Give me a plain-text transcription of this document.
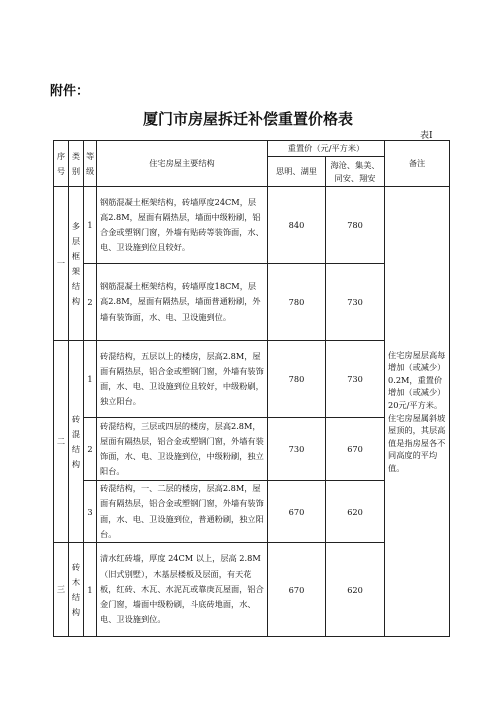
附件：
厦门市房屋拆迁补偿重置价格表
表Ⅰ
序号	类别	等级	住宅房屋主要结构	重置价（元/平方米）		备注
				思明、湖里	海沧、集美、同安、翔安	
一	多层框架结构	1	钢筋混凝土框架结构，砖墙厚度24CM，层高2.8M，屋面有隔热层，墙面中级粉刷，铝合金或塑钢门窗，外墙有贴砖等装饰面，水、电、卫设施到位且较好。	840	780	住宅房屋层高每增加（或减少）0.2M，重置价增加（或减少）20元/平方米。住宅房屋属斜坡屋顶的，其层高值是指房屋各不同高度的平均值。
		2	钢筋混凝土框架结构，砖墙厚度18CM，层高2.8M，屋面有隔热层，墙面普通粉刷，外墙有装饰面，水、电、卫设施到位。	780	730	
二	砖混结构	1	砖混结构，五层以上的楼房，层高2.8M，屋面有隔热层，铝合金或塑钢门窗，外墙有装饰面，水、电、卫设施到位且较好，中级粉刷，独立阳台。	780	730	
		2	砖混结构，三层或四层的楼房，层高2.8M，屋面有隔热层，铝合金或塑钢门窗，外墙有装饰面，水、电、卫设施到位，中级粉刷，独立阳台。	730	670	
		3	砖混结构，一、二层的楼房，层高2.8M，屋面有隔热层，铝合金或塑钢门窗，外墙有装饰面，水、电、卫设施到位，普通粉刷，独立阳台。	670	620	
三	砖木结构	1	清水红砖墙，厚度 24CM 以上，层高 2.8M（旧式别墅），木基层楼板及层面，有天花板，红砖、木瓦、水泥瓦或靠庚瓦屋面，铝合金门窗，墙面中级粉刷，斗底砖地面，水、电、卫设施到位。	670	620	
